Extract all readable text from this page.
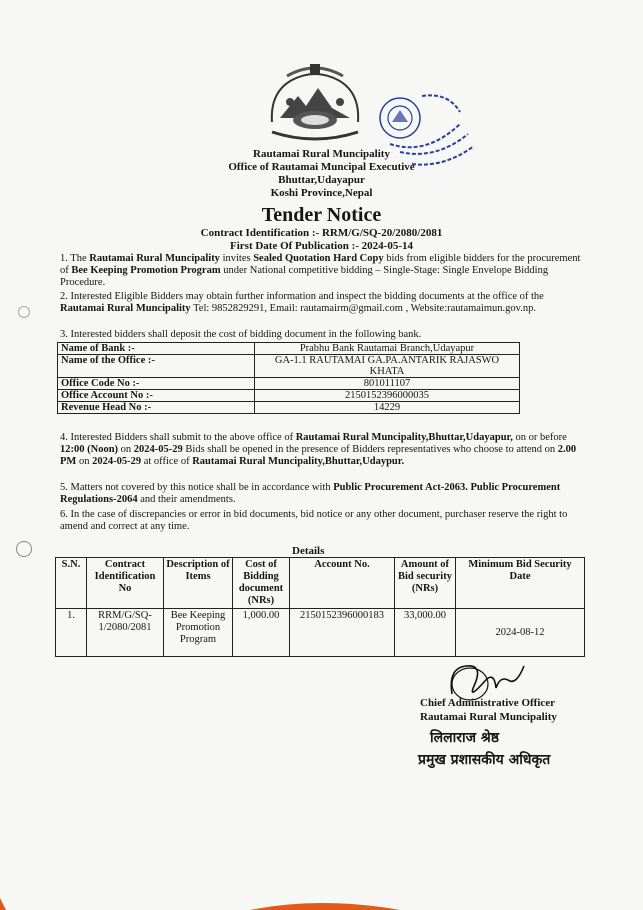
Rautamai Rural Muncipality
Office of Rautamai Muncipal Executive
Bhuttar,Udayapur
Koshi Province,Nepal
Tender Notice
Contract Identification :- RRM/G/SQ-20/2080/2081
First Date Of Publication :- 2024-05-14
1. The Rautamai Rural Muncipality invites Sealed Quotation Hard Copy bids from eligible bidders for the procurement of Bee Keeping Promotion Program under National competitive bidding – Single-Stage: Single Envelope Bidding Procedure.
2. Interested Eligible Bidders may obtain further information and inspect the bidding documents at the office of the Rautamai Rural Muncipality Tel: 9852829291, Email: rautamairm@gmail.com , Website:rautamaimun.gov.np.
3. Interested bidders shall deposit the cost of bidding document in the following bank.
Name of Bank :-	Prabhu Bank Rautamai Branch,Udayapur
Name of the Office :-	GA-1.1 RAUTAMAI GA.PA.ANTARIK RAJASWO KHATA
Office Code No :-	801011107
Office Account No :-	2150152396000035
Revenue Head No :-	14229
4. Interested Bidders shall submit to the above office of Rautamai Rural Muncipality,Bhuttar,Udayapur, on or before 12:00 (Noon) on 2024-05-29 Bids shall be opened in the presence of Bidders representatives who choose to attend on 2.00 PM on 2024-05-29 at office of Rautamai Rural Muncipality,Bhuttar,Udaypur.
5. Matters not covered by this notice shall be in accordance with Public Procurement Act-2063. Public Procurement Regulations-2064 and their amendments.
6. In the case of discrepancies or error in bid documents, bid notice or any other document, purchaser reserve the right to amend and correct at any time.
Details
S.N.	Contract Identification No	Description of Items	Cost of Bidding document (NRs)	Account No.	Amount of Bid security (NRs)	Minimum Bid Security Date
1.	RRM/G/SQ-1/2080/2081	Bee Keeping Promotion Program	1,000.00	2150152396000183	33,000.00	2024-08-12
Chief Administrative Officer
Rautamai Rural Muncipality
लिलाराज श्रेष्ठ
प्रमुख प्रशासकीय अधिकृत
